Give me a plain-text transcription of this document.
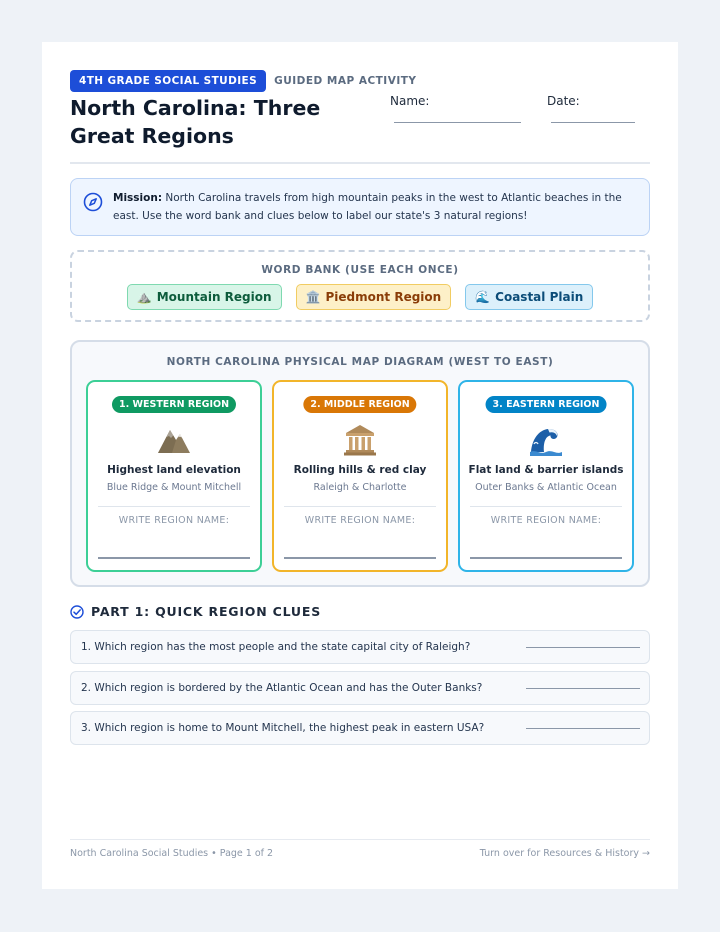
4TH GRADE SOCIAL STUDIES	GUIDED MAP ACTIVITY
North Carolina: Three Great Regions
Name:	Date:
Mission: North Carolina travels from high mountain peaks in the west to Atlantic beaches in the east. Use the word bank and clues below to label our state's 3 natural regions!
WORD BANK (USE EACH ONCE)
⛰️ Mountain Region	🏛️ Piedmont Region	🌊 Coastal Plain
NORTH CAROLINA PHYSICAL MAP DIAGRAM (WEST TO EAST)
1. WESTERN REGION
Highest land elevation
Blue Ridge & Mount Mitchell
WRITE REGION NAME:
2. MIDDLE REGION
Rolling hills & red clay
Raleigh & Charlotte
WRITE REGION NAME:
3. EASTERN REGION
Flat land & barrier islands
Outer Banks & Atlantic Ocean
WRITE REGION NAME:
PART 1: QUICK REGION CLUES
1. Which region has the most people and the state capital city of Raleigh?
2. Which region is bordered by the Atlantic Ocean and has the Outer Banks?
3. Which region is home to Mount Mitchell, the highest peak in eastern USA?
North Carolina Social Studies • Page 1 of 2	Turn over for Resources & History →
